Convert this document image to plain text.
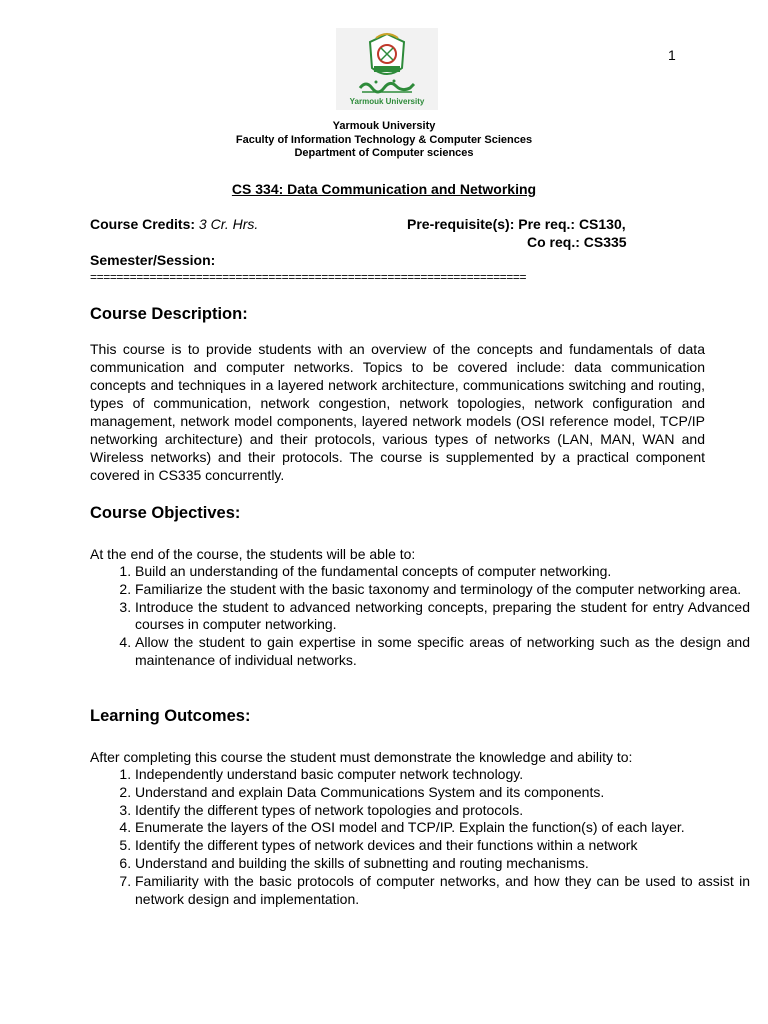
1
Yarmouk University
Yarmouk University
Faculty of Information Technology & Computer Sciences
Department of Computer sciences
CS 334: Data Communication and Networking
Course Credits: 3 Cr. Hrs.	Pre-requisite(s): Pre req.: CS130,
Co req.: CS335
Semester/Session:
==================================================================
Course Description:

This course is to provide students with an overview of the concepts and fundamentals of data communication and computer networks. Topics to be covered include: data communication concepts and techniques in a layered network architecture, communications switching and routing, types of communication, network congestion, network topologies, network configuration and management, network model components, layered network models (OSI reference model, TCP/IP networking architecture) and their protocols, various types of networks (LAN, MAN, WAN and Wireless networks) and their protocols. The course is supplemented by a practical component covered in CS335 concurrently.

Course Objectives:

At the end of the course, the students will be able to:

1. Build an understanding of the fundamental concepts of computer networking.
2. Familiarize the student with the basic taxonomy and terminology of the computer networking area.
3. Introduce the student to advanced networking concepts, preparing the student for entry Advanced courses in computer networking.
4. Allow the student to gain expertise in some specific areas of networking such as the design and maintenance of individual networks.
Learning Outcomes:

After completing this course the student must demonstrate the knowledge and ability to:

1. Independently understand basic computer network technology.
2. Understand and explain Data Communications System and its components.
3. Identify the different types of network topologies and protocols.
4. Enumerate the layers of the OSI model and TCP/IP. Explain the function(s) of each layer.
5. Identify the different types of network devices and their functions within a network
6. Understand and building the skills of subnetting and routing mechanisms.
7. Familiarity with the basic protocols of computer networks, and how they can be used to assist in network design and implementation.
